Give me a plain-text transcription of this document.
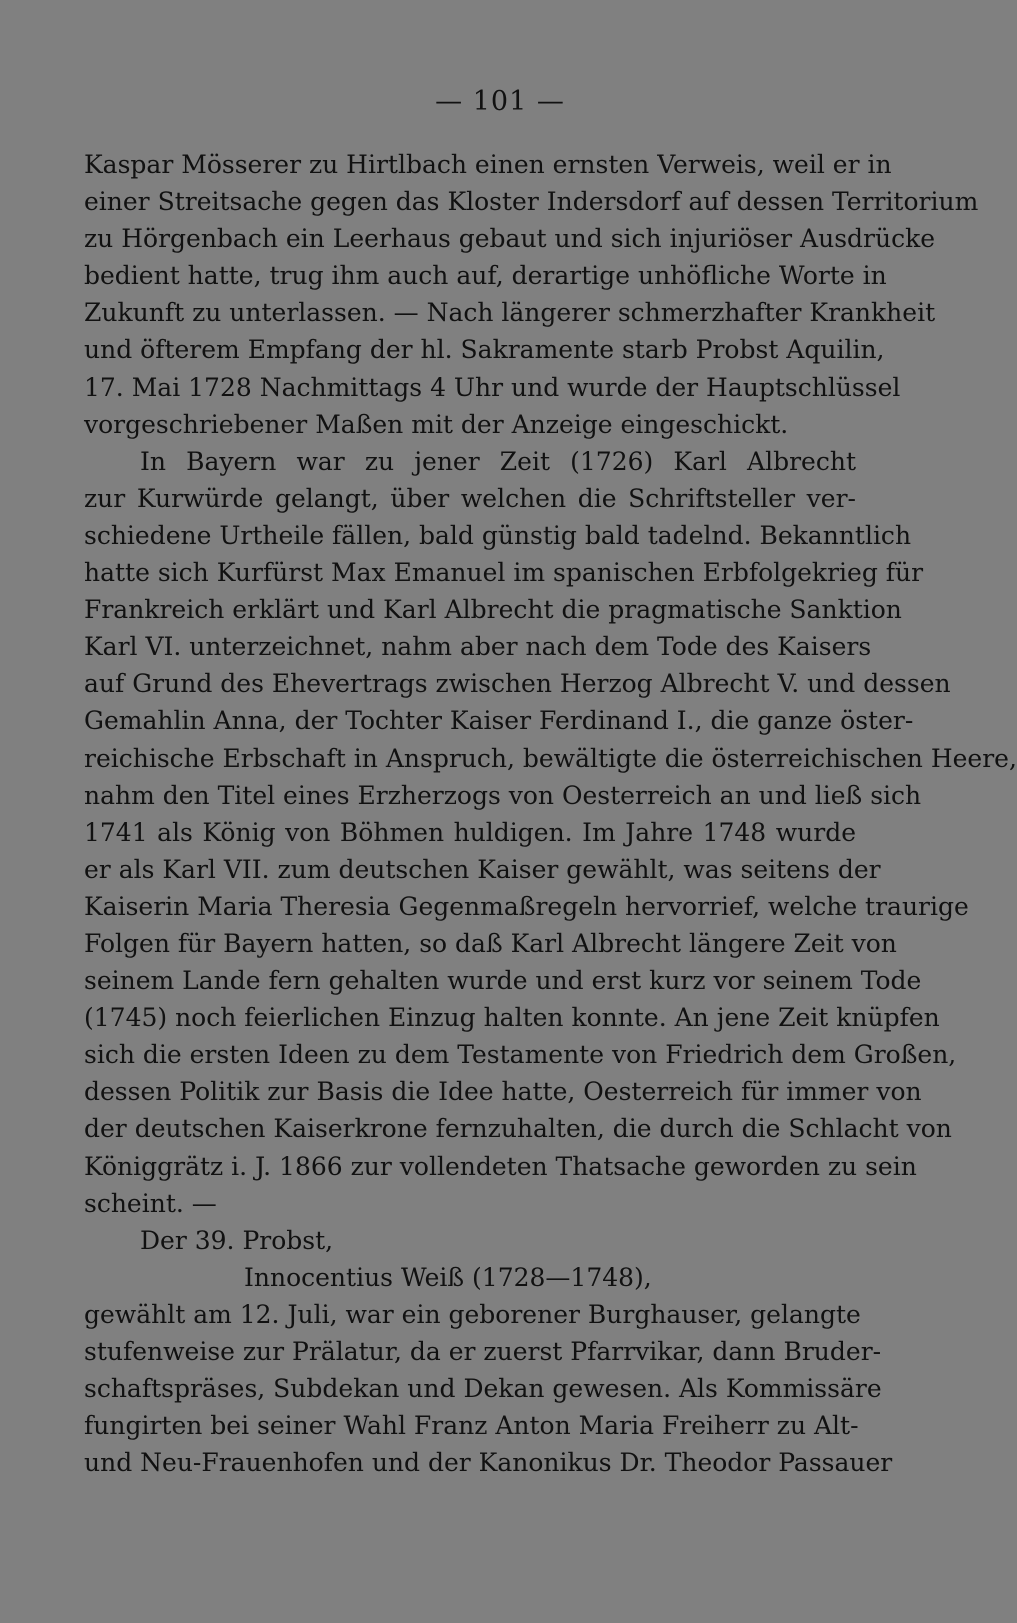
— 101 —
Kaspar Mösserer zu Hirtlbach einen ernsten Verweis, weil er in
einer Streitsache gegen das Kloster Indersdorf auf dessen Territorium
zu Hörgenbach ein Leerhaus gebaut und sich injuriöser Ausdrücke
bedient hatte, trug ihm auch auf, derartige unhöfliche Worte in
Zukunft zu unterlassen. — Nach längerer schmerzhafter Krankheit
und öfterem Empfang der hl. Sakramente starb Probst Aquilin,
17. Mai 1728 Nachmittags 4 Uhr und wurde der Hauptschlüssel
vorgeschriebener Maßen mit der Anzeige eingeschickt.
In Bayern war zu jener Zeit (1726) Karl Albrecht
zur Kurwürde gelangt, über welchen die Schriftsteller ver-
schiedene Urtheile fällen, bald günstig bald tadelnd. Bekanntlich
hatte sich Kurfürst Max Emanuel im spanischen Erbfolgekrieg für
Frankreich erklärt und Karl Albrecht die pragmatische Sanktion
Karl VI. unterzeichnet, nahm aber nach dem Tode des Kaisers
auf Grund des Ehevertrags zwischen Herzog Albrecht V. und dessen
Gemahlin Anna, der Tochter Kaiser Ferdinand I., die ganze öster-
reichische Erbschaft in Anspruch, bewältigte die österreichischen Heere,
nahm den Titel eines Erzherzogs von Oesterreich an und ließ sich
1741 als König von Böhmen huldigen. Im Jahre 1748 wurde
er als Karl VII. zum deutschen Kaiser gewählt, was seitens der
Kaiserin Maria Theresia Gegenmaßregeln hervorrief, welche traurige
Folgen für Bayern hatten, so daß Karl Albrecht längere Zeit von
seinem Lande fern gehalten wurde und erst kurz vor seinem Tode
(1745) noch feierlichen Einzug halten konnte. An jene Zeit knüpfen
sich die ersten Ideen zu dem Testamente von Friedrich dem Großen,
dessen Politik zur Basis die Idee hatte, Oesterreich für immer von
der deutschen Kaiserkrone fernzuhalten, die durch die Schlacht von
Königgrätz i. J. 1866 zur vollendeten Thatsache geworden zu sein
scheint. —
Der 39. Probst,
Innocentius Weiß (1728—1748),
gewählt am 12. Juli, war ein geborener Burghauser, gelangte
stufenweise zur Prälatur, da er zuerst Pfarrvikar, dann Bruder-
schaftspräses, Subdekan und Dekan gewesen. Als Kommissäre
fungirten bei seiner Wahl Franz Anton Maria Freiherr zu Alt-
und Neu-Frauenhofen und der Kanonikus Dr. Theodor Passauer
